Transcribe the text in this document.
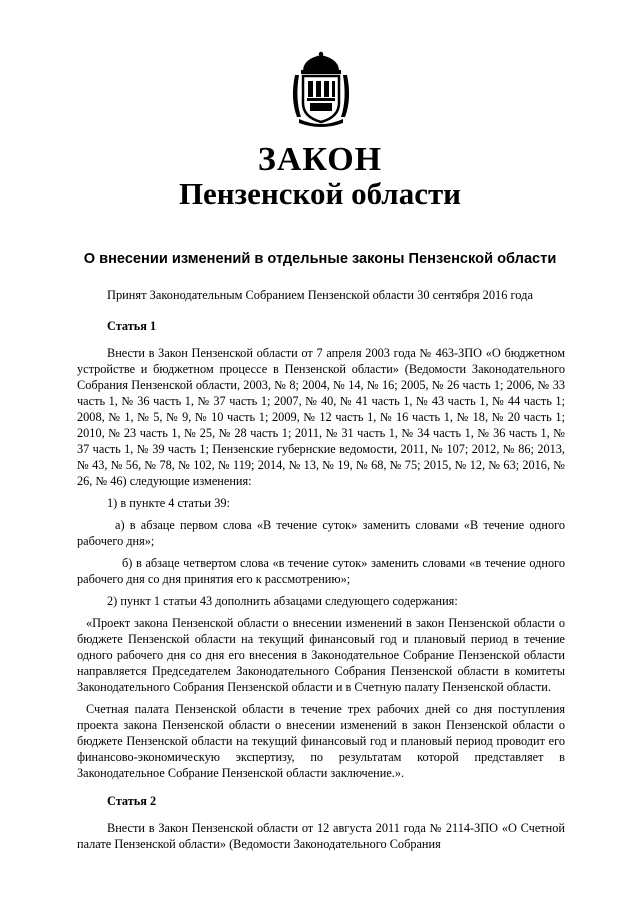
ЗАКОН
Пензенской области
О внесении изменений в отдельные законы Пензенской области
Принят Законодательным Собранием Пензенской области 30 сентября 2016 года
Статья 1

Внести в Закон Пензенской области от 7 апреля 2003 года № 463-ЗПО «О бюджетном устройстве и бюджетном процессе в Пензенской области» (Ведомости Законодательного Собрания Пензенской области, 2003, № 8; 2004, № 14, № 16; 2005, № 26 часть 1; 2006, № 33 часть 1, № 36 часть 1, № 37 часть 1; 2007, № 40, № 41 часть 1, № 43 часть 1, № 44 часть 1; 2008, № 1, № 5, № 9, № 10 часть 1; 2009, № 12 часть 1, № 16 часть 1, № 18, № 20 часть 1; 2010, № 23 часть 1, № 25, № 28 часть 1; 2011, № 31 часть 1, № 34 часть 1, № 36 часть 1, № 37 часть 1, № 39 часть 1; Пензенские губернские ведомости, 2011, № 107; 2012, № 86; 2013, № 43, № 56, № 78, № 102, № 119; 2014, № 13, № 19, № 68, № 75; 2015, № 12, № 63; 2016, № 26, № 46) следующие изменения:

1) в пункте 4 статьи 39:

а) в абзаце первом слова «В течение суток» заменить словами «В течение одного рабочего дня»;

б) в абзаце четвертом слова «в течение суток» заменить словами «в течение одного рабочего дня со дня принятия его к рассмотрению»;

2) пункт 1 статьи 43 дополнить абзацами следующего содержания:

«Проект закона Пензенской области о внесении изменений в закон Пензенской области о бюджете Пензенской области на текущий финансовый год и плановый период в течение одного рабочего дня со дня его внесения в Законодательное Собрание Пензенской области направляется Председателем Законодательного Собрания Пензенской области в комитеты Законодательного Собрания Пензенской области и в Счетную палату Пензенской области.

Счетная палата Пензенской области в течение трех рабочих дней со дня поступления проекта закона Пензенской области о внесении изменений в закон Пензенской области о бюджете Пензенской области на текущий финансовый год и плановый период проводит его финансово-экономическую экспертизу, по результатам которой представляет в Законодательное Собрание Пензенской области заключение.».

Статья 2

Внести в Закон Пензенской области от 12 августа 2011 года № 2114-ЗПО «О Счетной палате Пензенской области» (Ведомости Законодательного Собрания
